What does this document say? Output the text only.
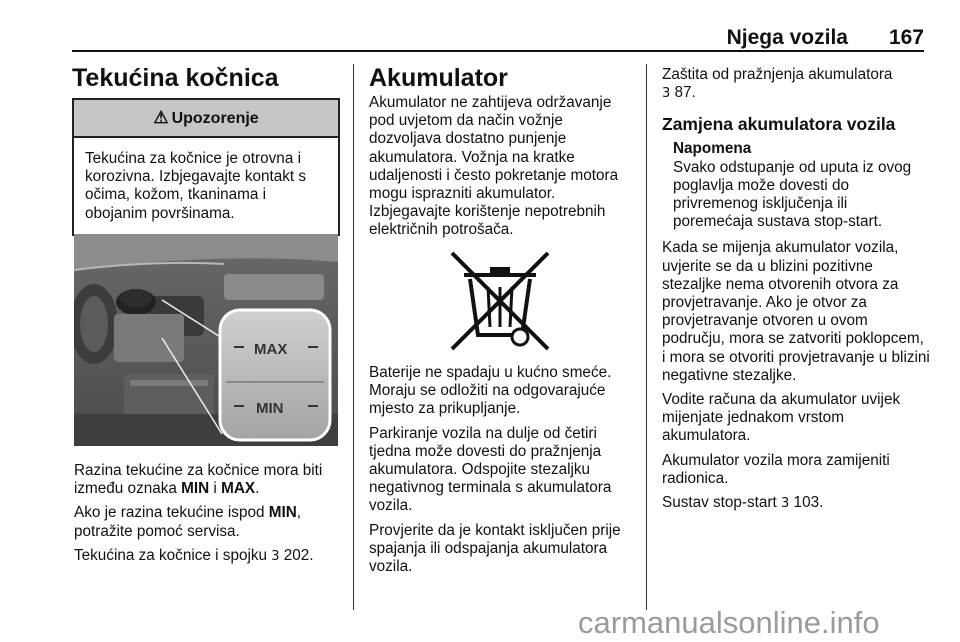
Njega vozila 167
Tekućina kočnica
⚠ Upozorenje
Tekućina za kočnice je otrovna i korozivna. Izbjegavajte kontakt s očima, kožom, tkaninama i obojanim površinama.
MAX
MIN

Razina tekućine za kočnice mora biti između oznaka MIN i MAX.

Ako je razina tekućine ispod MIN, potražite pomoć servisa.

Tekućina za kočnice i spojku 3 202.

Akumulator

Akumulator ne zahtijeva održavanje pod uvjetom da način vožnje dozvoljava dostatno punjenje akumulatora. Vožnja na kratke udaljenosti i često pokretanje motora mogu isprazniti akumulator.

Izbjegavajte korištenje nepotrebnih električnih potrošača.

Baterije ne spadaju u kućno smeće. Moraju se odložiti na odgovarajuće mjesto za prikupljanje.

Parkiranje vozila na dulje od četiri tjedna može dovesti do pražnjenja akumulatora. Odspojite stezaljku negativnog terminala s akumulatora vozila.

Provjerite da je kontakt isključen prije spajanja ili odspajanja akumulatora vozila.

Zaštita od pražnjenja akumulatora
3 87.

Zamjena akumulatora vozila
Napomena
Svako odstupanje od uputa iz ovog poglavlja može dovesti do privremenog isključenja ili poremećaja sustava stop-start.

Kada se mijenja akumulator vozila, uvjerite se da u blizini pozitivne stezaljke nema otvorenih otvora za provjetravanje. Ako je otvor za provjetravanje otvoren u ovom području, mora se zatvoriti poklopcem, i mora se otvoriti provjetravanje u blizini negativne stezaljke.

Vodite računa da akumulator uvijek mijenjate jednakom vrstom akumulatora.

Akumulator vozila mora zamijeniti radionica.

Sustav stop-start 3 103.

carmanualsonline.info
